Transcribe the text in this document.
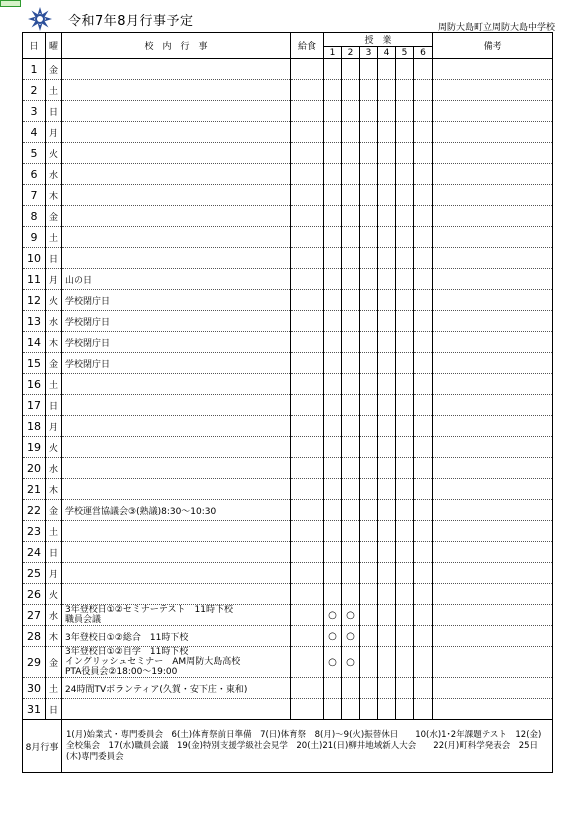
令和7年8月行事予定	周防大島町立周防大島中学校
日	曜	校　内　行　事	給食	授　業						備考
				1	2	3	4	5	6	
1	金									
2	土									
3	日									
4	月									
5	火									
6	水									
7	木									
8	金									
9	土									
10	日									
11	月	山の日								
12	火	学校閉庁日								
13	水	学校閉庁日								
14	木	学校閉庁日								
15	金	学校閉庁日								
16	土									
17	日									
18	月									
19	火									
20	水									
21	木									
22	金	学校運営協議会③(熟議)8:30～10:30								
23	土									
24	日									
25	月									
26	火									
27	水	3年登校日①②セミナーテスト　11時下校
職員会議		○	○					
28	木	3年登校日①②総合　11時下校		○	○					
29	金	3年登校日①②自学　11時下校
イングリッシュセミナー　AM周防大島高校
PTA役員会②18:00～19:00		○	○					
30	土	24時間TVボランティア(久賀・安下庄・東和)								
31	日									
8月行事		1(月)始業式・専門委員会　6(土)体育祭前日準備　7(日)体育祭　8(月)～9(火)振替休日　　10(水)1･2年課題テスト　12(金)全校集会　17(水)職員会議　19(金)特別支援学級社会見学　20(土)21(日)柳井地域新人大会　　22(月)町科学発表会　25日(木)専門委員会								
